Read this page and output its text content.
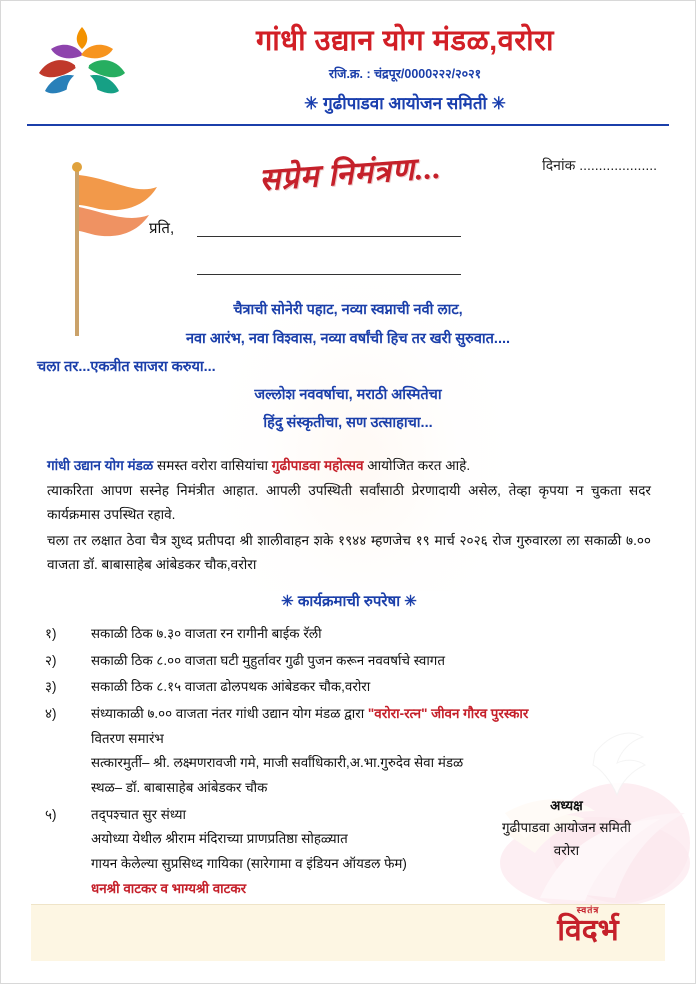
गांधी उद्यान योग मंडळ,वरोरा
रजि.क्र. : चंद्रपूर/0000२२२/२०२१
✳ गुढीपाडवा आयोजन समिती ✳
सप्रेम निमंत्रण...	दिनांक ....................
प्रति,
चैत्राची सोनेरी पहाट, नव्या स्वप्नाची नवी लाट,
नवा आरंभ, नवा विश्वास, नव्या वर्षांची हिच तर खरी सुरुवात....
चला तर...एकत्रीत साजरा करुया...
जल्लोश नववर्षाचा, मराठी अस्मितेचा
हिंदु संस्कृतीचा, सण उत्साहाचा...

गांधी उद्यान योग मंडळ समस्त वरोरा वासियांचा गुढीपाडवा महोत्सव आयोजित करत आहे.

त्याकरिता आपण सस्नेह निमंत्रीत आहात. आपली उपस्थिती सर्वांसाठी प्रेरणादायी असेल, तेव्हा कृपया न चुकता सदर कार्यक्रमास उपस्थित रहावे.

चला तर लक्षात ठेवा चैत्र शुध्द प्रतीपदा श्री शालीवाहन शके १९४४ म्हणजेच १९ मार्च २०२६ रोज गुरुवारला ला सकाळी ७.०० वाजता डॉ. बाबासाहेब आंबेडकर चौक,वरोरा

✳ कार्यक्रमाची रुपरेषा ✳
१)	सकाळी ठिक ७.३० वाजता रन रागीनी बाईक रॅली
२)	सकाळी ठिक ८.०० वाजता घटी मुहुर्तावर गुढी पुजन करून नववर्षाचे स्वागत
३)	सकाळी ठिक ८.१५ वाजता ढोलपथक आंबेडकर चौक,वरोरा
४)	संध्याकाळी ७.०० वाजता नंतर गांधी उद्यान योग मंडळ द्वारा "वरोरा-रत्न" जीवन गौरव पुरस्कार
वितरण समारंभ
सत्कारमुर्ती– श्री. लक्ष्मणरावजी गमे, माजी सर्वांधिकारी,अ.भा.गुरुदेव सेवा मंडळ
स्थळ– डॉ. बाबासाहेब आंबेडकर चौक
५)	तद्पश्चात सुर संध्या
अयोध्या येथील श्रीराम मंदिराच्या प्राणप्रतिष्ठा सोहळ्यात
गायन केलेल्या सुप्रसिध्द गायिका (सारेगामा व इंडियन ऑयडल फेम)
धनश्री वाटकर व भाग्यश्री वाटकर
अध्यक्ष
गुढीपाडवा आयोजन समिती
वरोरा
स्वतंत्र
विदर्भ
